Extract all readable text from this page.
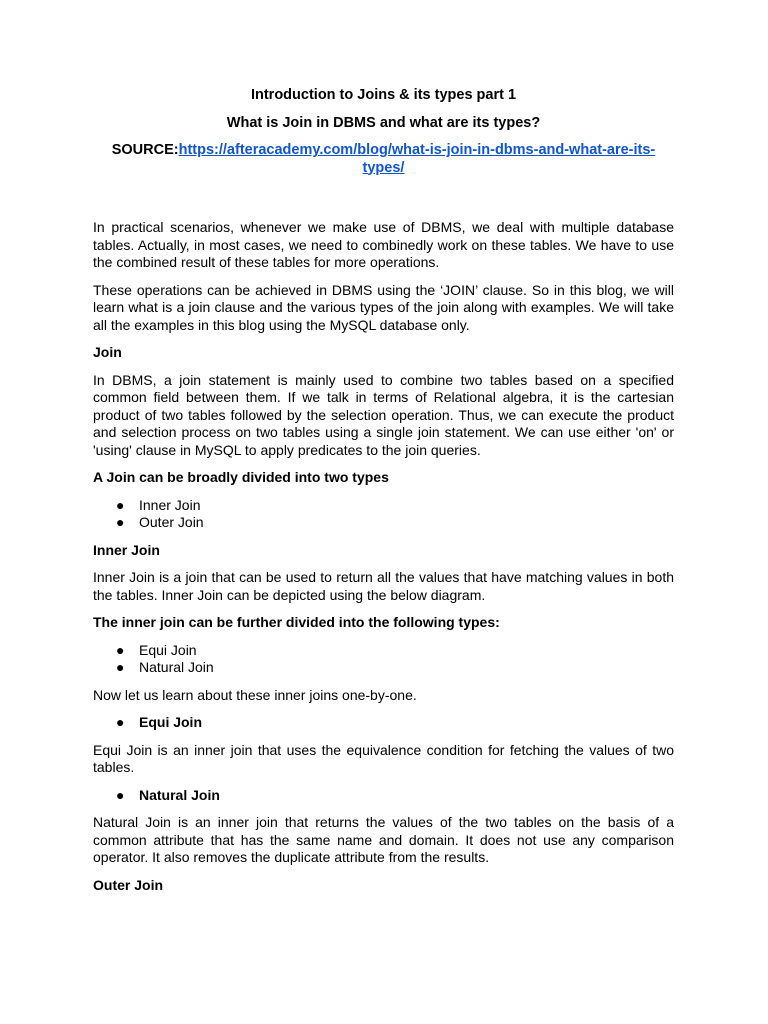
Introduction to Joins & its types part 1
What is Join in DBMS and what are its types?
SOURCE:https://afteracademy.com/blog/what-is-join-in-dbms-and-what-are-its-types/

In practical scenarios, whenever we make use of DBMS, we deal with multiple database tables. Actually, in most cases, we need to combinedly work on these tables. We have to use the combined result of these tables for more operations.

These operations can be achieved in DBMS using the ‘JOIN’ clause. So in this blog, we will learn what is a join clause and the various types of the join along with examples. We will take all the examples in this blog using the MySQL database only.

Join

In DBMS, a join statement is mainly used to combine two tables based on a specified common field between them. If we talk in terms of Relational algebra, it is the cartesian product of two tables followed by the selection operation. Thus, we can execute the product and selection process on two tables using a single join statement. We can use either 'on' or 'using' clause in MySQL to apply predicates to the join queries.

A Join can be broadly divided into two types
● Inner Join
● Outer Join
Inner Join

Inner Join is a join that can be used to return all the values that have matching values in both the tables. Inner Join can be depicted using the below diagram.

The inner join can be further divided into the following types:
● Equi Join
● Natural Join

Now let us learn about these inner joins one-by-one.

● Equi Join

Equi Join is an inner join that uses the equivalence condition for fetching the values of two tables.

● Natural Join

Natural Join is an inner join that returns the values of the two tables on the basis of a common attribute that has the same name and domain. It does not use any comparison operator. It also removes the duplicate attribute from the results.

Outer Join
